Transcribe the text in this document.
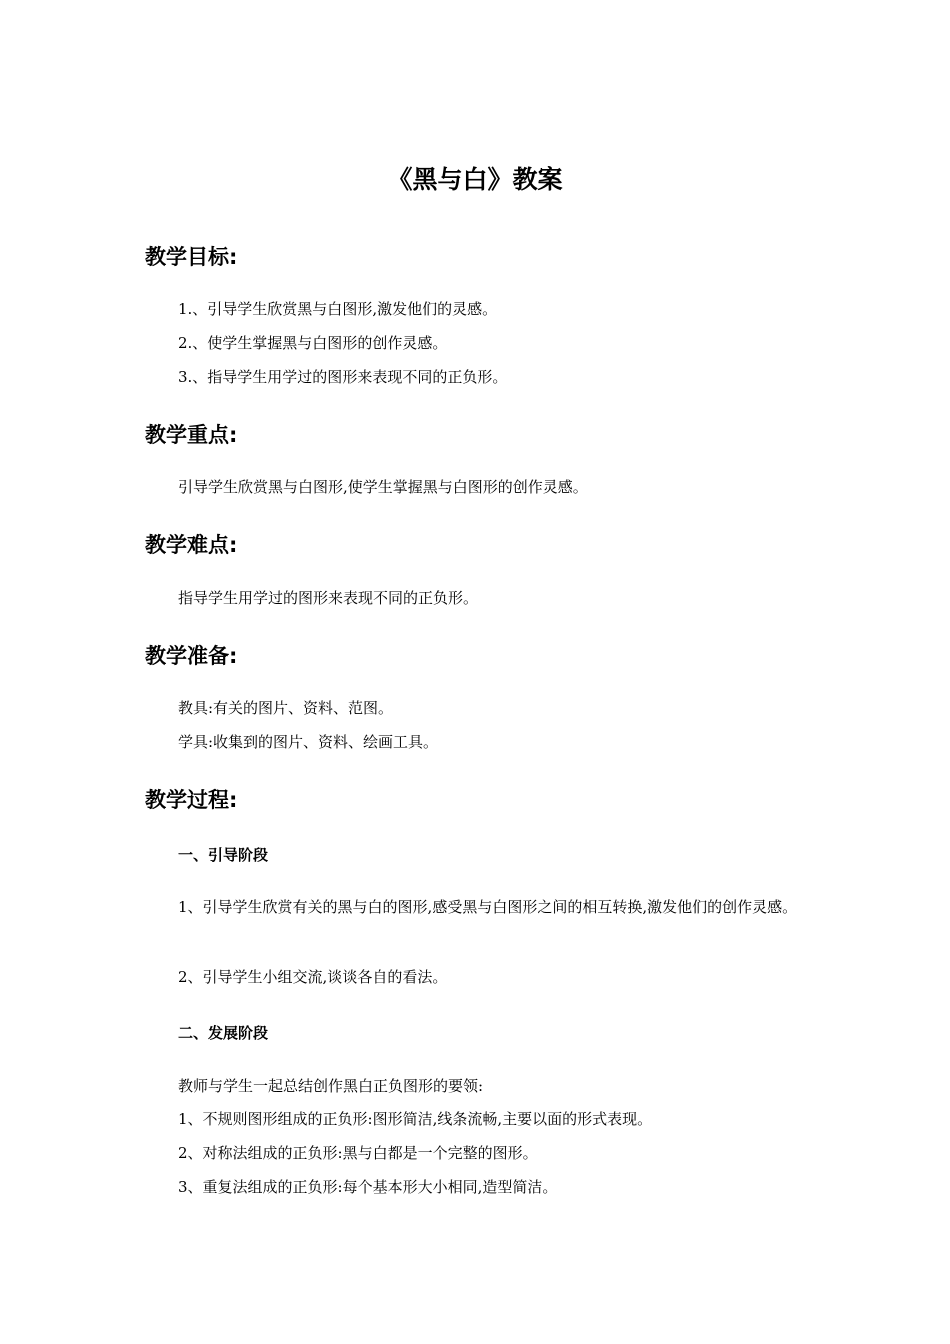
《黑与白》教案
教学目标:
1.、引导学生欣赏黑与白图形,激发他们的灵感。
2.、使学生掌握黑与白图形的创作灵感。
3.、指导学生用学过的图形来表现不同的正负形。
教学重点:
引导学生欣赏黑与白图形,使学生掌握黑与白图形的创作灵感。
教学难点:
指导学生用学过的图形来表现不同的正负形。
教学准备:
教具:有关的图片、资料、范图。
学具:收集到的图片、资料、绘画工具。
教学过程:
一、引导阶段
1、引导学生欣赏有关的黑与白的图形,感受黑与白图形之间的相互转换,激发他们的创作灵感。
2、引导学生小组交流,谈谈各自的看法。
二、发展阶段
教师与学生一起总结创作黑白正负图形的要领:
1、不规则图形组成的正负形:图形简洁,线条流畅,主要以面的形式表现。
2、对称法组成的正负形:黑与白都是一个完整的图形。
3、重复法组成的正负形:每个基本形大小相同,造型简洁。
